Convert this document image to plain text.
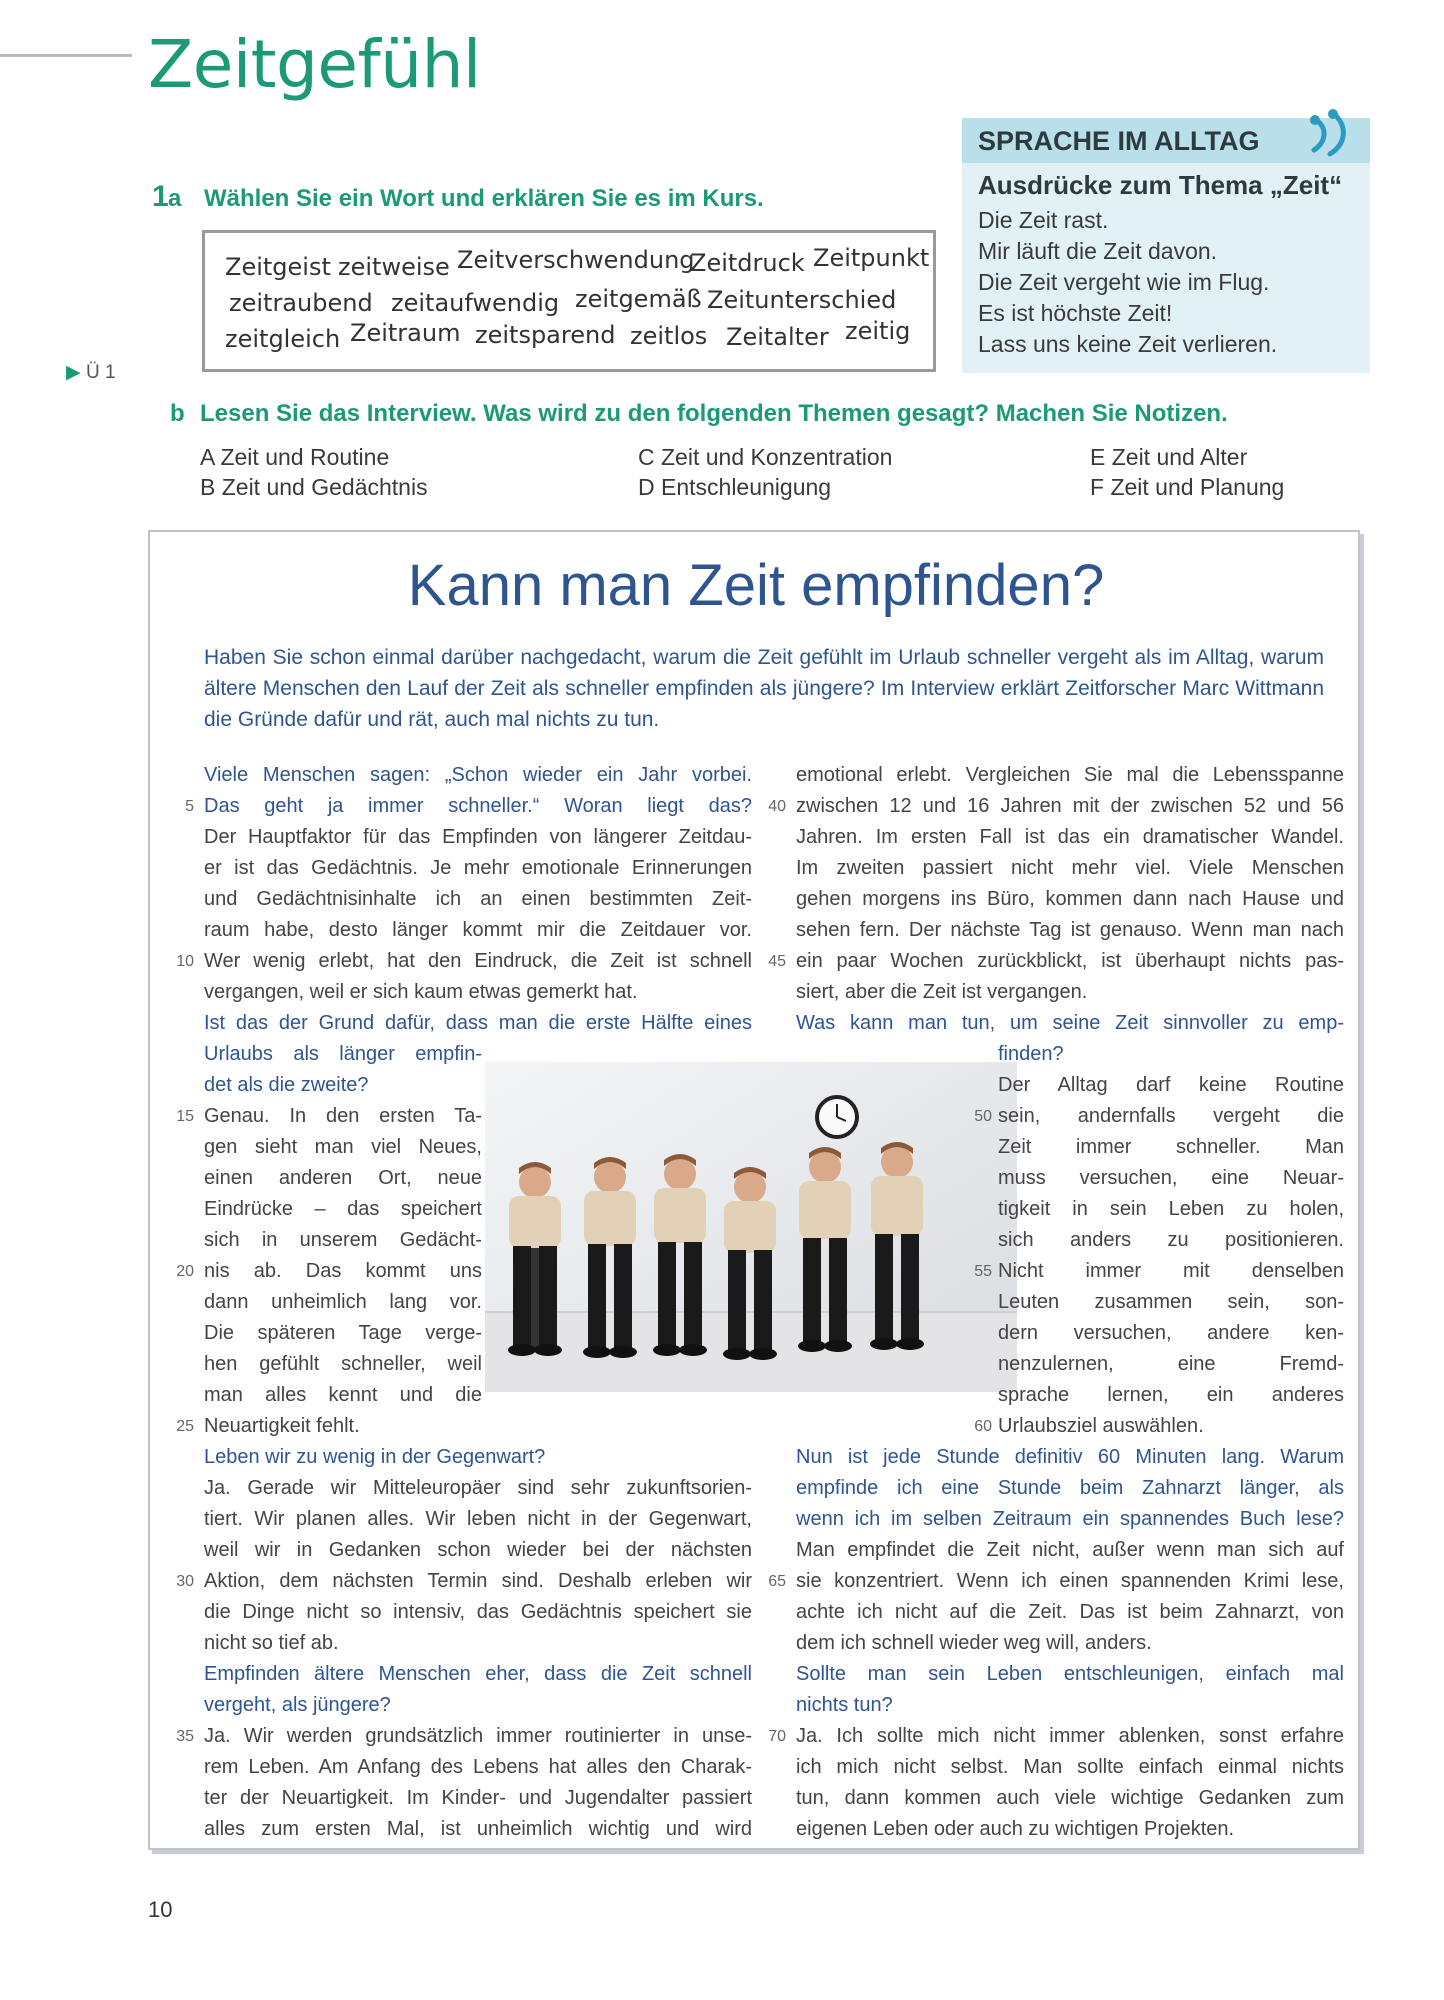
Zeitgefühl
SPRACHE IM ALLTAG
Ausdrücke zum Thema „Zeit“
Die Zeit rast.
Mir läuft die Zeit davon.
Die Zeit vergeht wie im Flug.
Es ist höchste Zeit!
Lass uns keine Zeit verlieren.
1 a Wählen Sie ein Wort und erklären Sie es im Kurs.
Zeitgeist zeitweise Zeitverschwendung
Zeitdruck Zeitpunkt
zeitraubend zeitaufwendig zeitgemäß Zeitunterschied
zeitgleich Zeitraum zeitsparend zeitlos Zeitalter zeitig
▶ Ü 1
b Lesen Sie das Interview. Was wird zu den folgenden Themen gesagt? Machen Sie Notizen.
A Zeit und Routine
B Zeit und Gedächtnis
C Zeit und Konzentration
D Entschleunigung
E Zeit und Alter
F Zeit und Planung
Kann man Zeit empfinden?
Haben Sie schon einmal darüber nachgedacht, warum die Zeit gefühlt im Urlaub schneller vergeht als im Alltag, warum ältere Menschen den Lauf der Zeit als schneller empfinden als jüngere? Im Interview erklärt Zeitforscher Marc Wittmann die Gründe dafür und rät, auch mal nichts zu tun.
Viele Menschen sagen: „Schon wieder ein Jahr vorbei.
Das geht ja immer schneller.“ Woran liegt das?
Der Hauptfaktor für das Empfinden von längerer Zeitdau-
er ist das Gedächtnis. Je mehr emotionale Erinnerungen
und Gedächtnisinhalte ich an einen bestimmten Zeit-
raum habe, desto länger kommt mir die Zeitdauer vor.
Wer wenig erlebt, hat den Eindruck, die Zeit ist schnell
vergangen, weil er sich kaum etwas gemerkt hat.
Ist das der Grund dafür, dass man die erste Hälfte eines
Urlaubs als länger empfin-
det als die zweite?
Genau. In den ersten Ta-
gen sieht man viel Neues,
einen anderen Ort, neue
Eindrücke – das speichert
sich in unserem Gedächt-
nis ab. Das kommt uns
dann unheimlich lang vor.
Die späteren Tage verge-
hen gefühlt schneller, weil
man alles kennt und die
Neuartigkeit fehlt.
Leben wir zu wenig in der Gegenwart?
Ja. Gerade wir Mitteleuropäer sind sehr zukunftsorien-
tiert. Wir planen alles. Wir leben nicht in der Gegenwart,
weil wir in Gedanken schon wieder bei der nächsten
Aktion, dem nächsten Termin sind. Deshalb erleben wir
die Dinge nicht so intensiv, das Gedächtnis speichert sie
nicht so tief ab.
Empfinden ältere Menschen eher, dass die Zeit schnell
vergeht, als jüngere?
Ja. Wir werden grundsätzlich immer routinierter in unse-
rem Leben. Am Anfang des Lebens hat alles den Charak-
ter der Neuartigkeit. Im Kinder- und Jugendalter passiert
alles zum ersten Mal, ist unheimlich wichtig und wird
emotional erlebt. Vergleichen Sie mal die Lebensspanne
zwischen 12 und 16 Jahren mit der zwischen 52 und 56
Jahren. Im ersten Fall ist das ein dramatischer Wandel.
Im zweiten passiert nicht mehr viel. Viele Menschen
gehen morgens ins Büro, kommen dann nach Hause und
sehen fern. Der nächste Tag ist genauso. Wenn man nach
ein paar Wochen zurückblickt, ist überhaupt nichts pas-
siert, aber die Zeit ist vergangen.
Was kann man tun, um seine Zeit sinnvoller zu emp-
finden?
Der Alltag darf keine Routine
sein, andernfalls vergeht die
Zeit immer schneller. Man
muss versuchen, eine Neuar-
tigkeit in sein Leben zu holen,
sich anders zu positionieren.
Nicht immer mit denselben
Leuten zusammen sein, son-
dern versuchen, andere ken-
nenzulernen, eine Fremd-
sprache lernen, ein anderes
Urlaubsziel auswählen.
Nun ist jede Stunde definitiv 60 Minuten lang. Warum
empfinde ich eine Stunde beim Zahnarzt länger, als
wenn ich im selben Zeitraum ein spannendes Buch lese?
Man empfindet die Zeit nicht, außer wenn man sich auf
sie konzentriert. Wenn ich einen spannenden Krimi lese,
achte ich nicht auf die Zeit. Das ist beim Zahnarzt, von
dem ich schnell wieder weg will, anders.
Sollte man sein Leben entschleunigen, einfach mal
nichts tun?
Ja. Ich sollte mich nicht immer ablenken, sonst erfahre
ich mich nicht selbst. Man sollte einfach einmal nichts
tun, dann kommen auch viele wichtige Gedanken zum
eigenen Leben oder auch zu wichtigen Projekten.
5
10
15
20
25
30
35
40
45
50
55
60
65
70
10
